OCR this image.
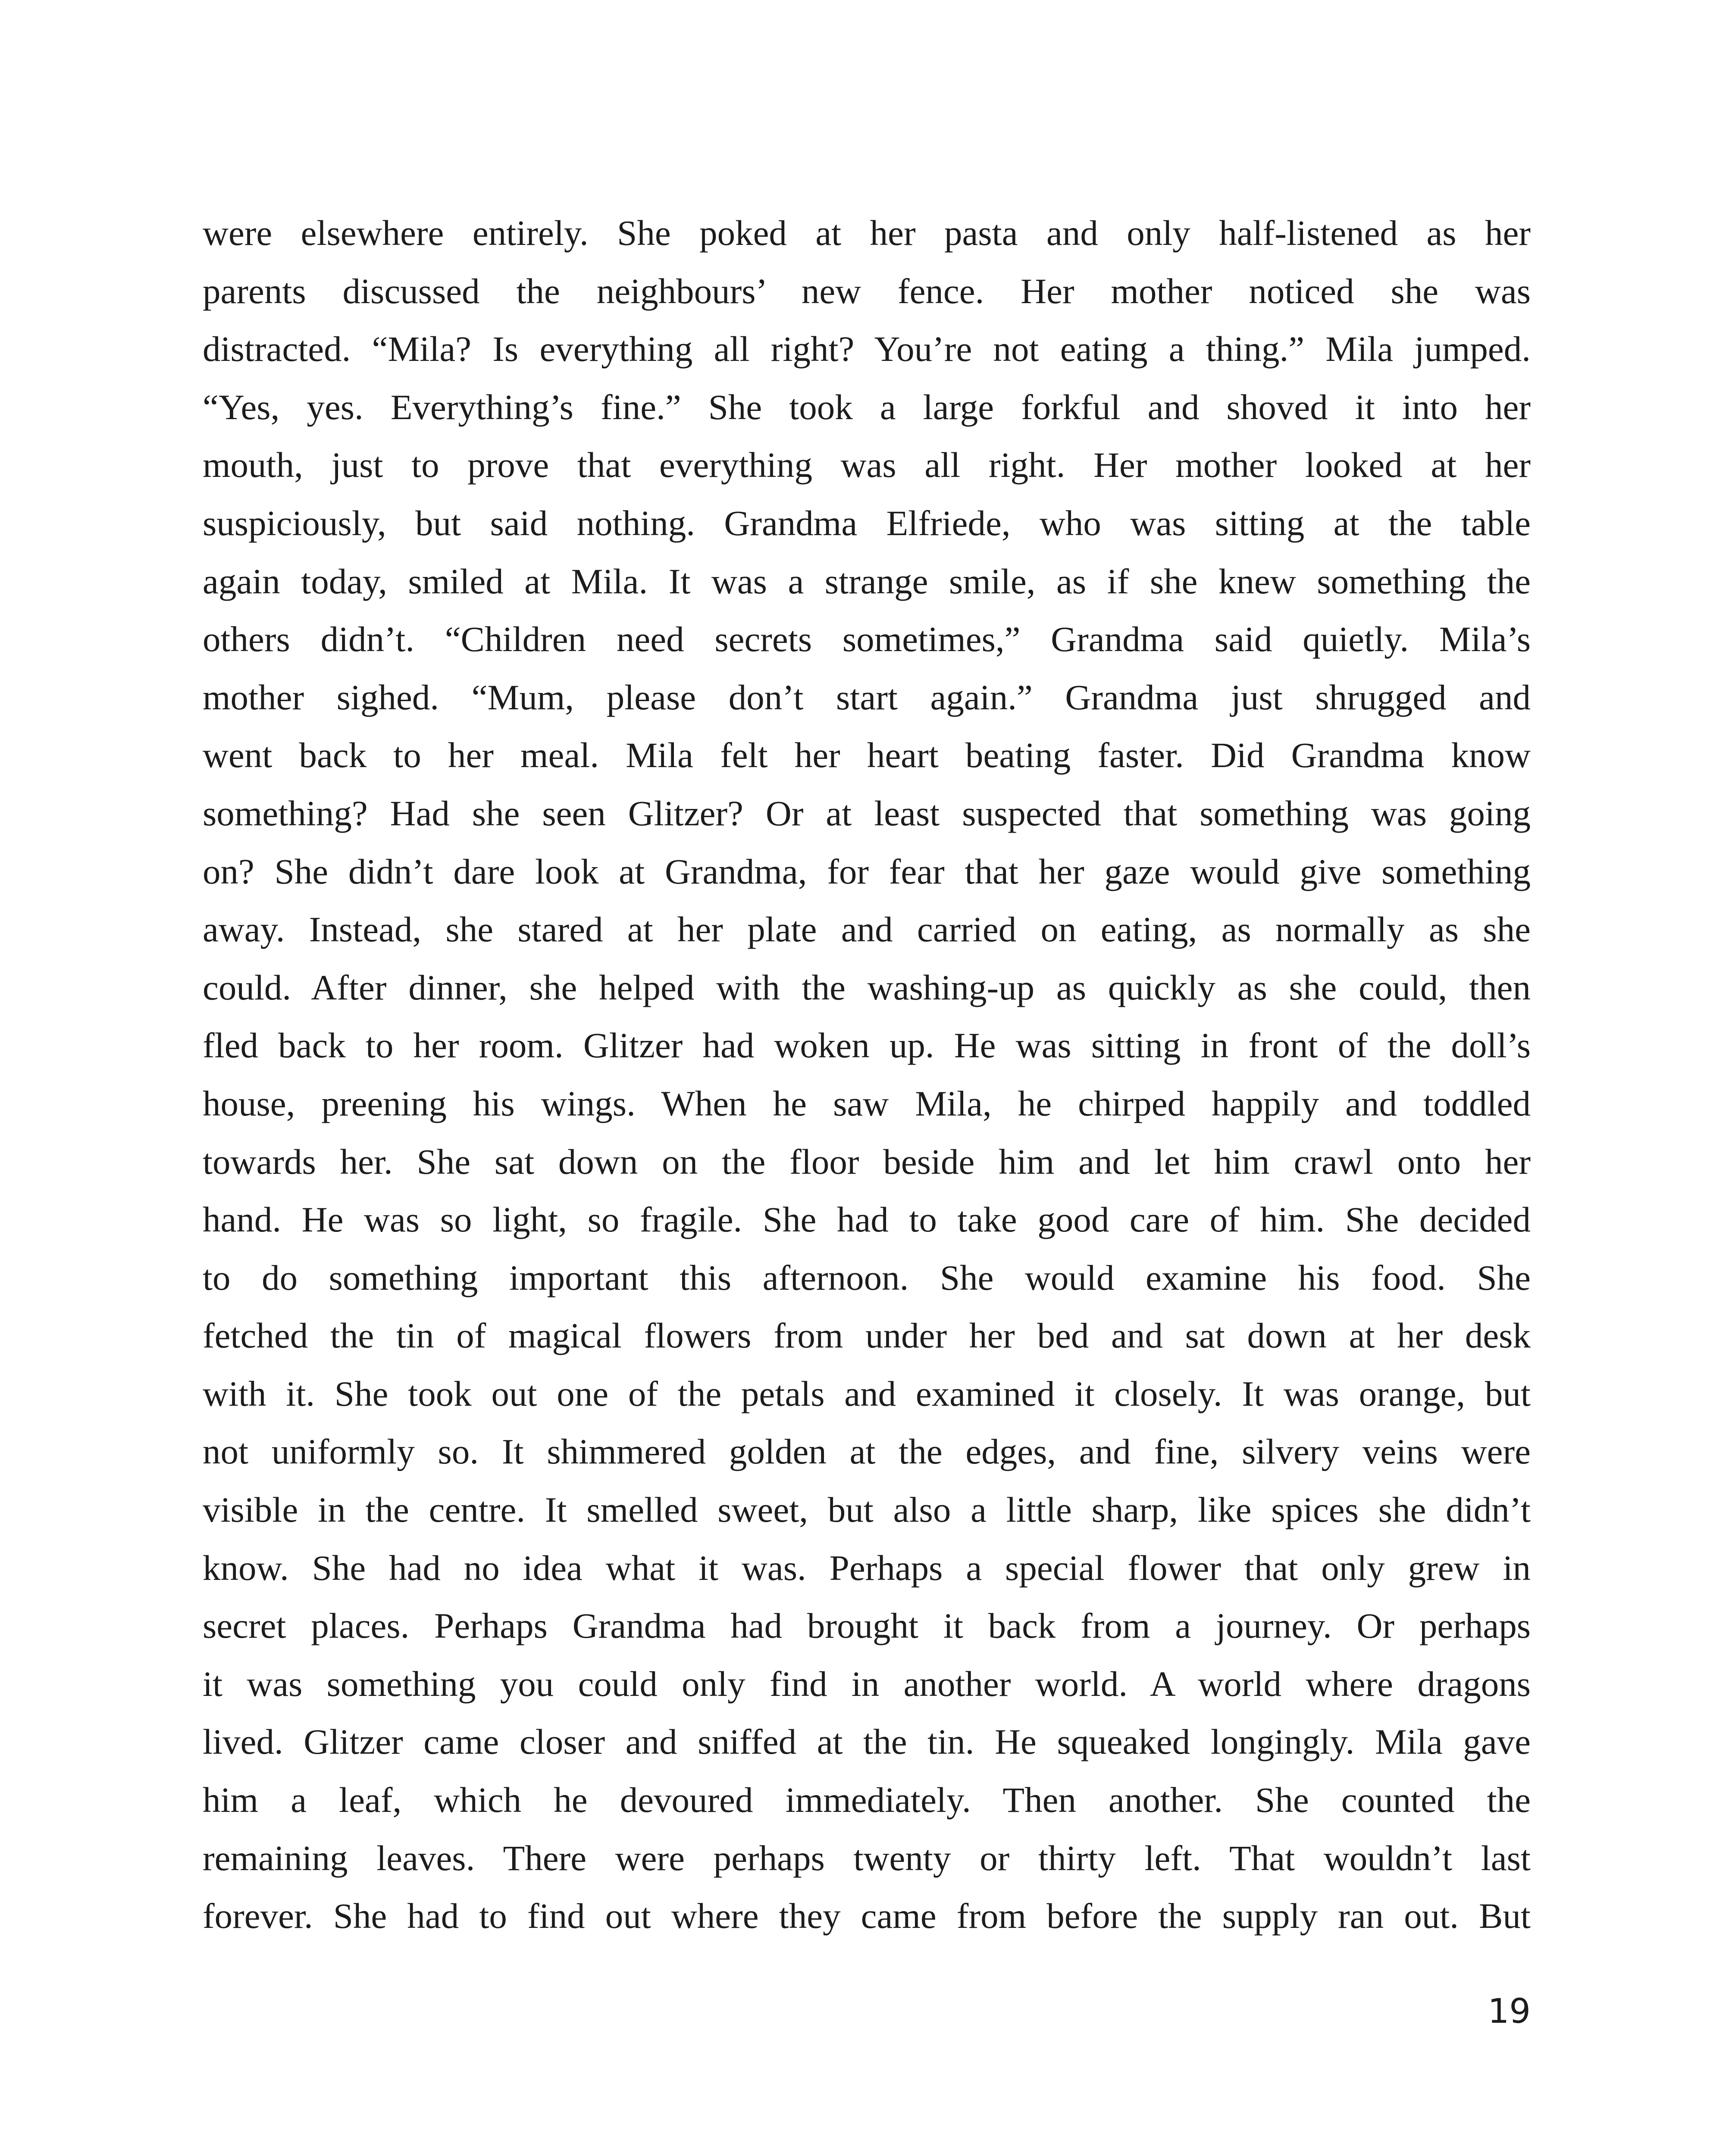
were elsewhere entirely. She poked at her pasta and only half-listened as her
parents discussed the neighbours’ new fence. Her mother noticed she was
distracted. “Mila? Is everything all right? You’re not eating a thing.” Mila jumped.
“Yes, yes. Everything’s fine.” She took a large forkful and shoved it into her
mouth, just to prove that everything was all right. Her mother looked at her
suspiciously, but said nothing. Grandma Elfriede, who was sitting at the table
again today, smiled at Mila. It was a strange smile, as if she knew something the
others didn’t. “Children need secrets sometimes,” Grandma said quietly. Mila’s
mother sighed. “Mum, please don’t start again.” Grandma just shrugged and
went back to her meal. Mila felt her heart beating faster. Did Grandma know
something? Had she seen Glitzer? Or at least suspected that something was going
on? She didn’t dare look at Grandma, for fear that her gaze would give something
away. Instead, she stared at her plate and carried on eating, as normally as she
could. After dinner, she helped with the washing-up as quickly as she could, then
fled back to her room. Glitzer had woken up. He was sitting in front of the doll’s
house, preening his wings. When he saw Mila, he chirped happily and toddled
towards her. She sat down on the floor beside him and let him crawl onto her
hand. He was so light, so fragile. She had to take good care of him. She decided
to do something important this afternoon. She would examine his food. She
fetched the tin of magical flowers from under her bed and sat down at her desk
with it. She took out one of the petals and examined it closely. It was orange, but
not uniformly so. It shimmered golden at the edges, and fine, silvery veins were
visible in the centre. It smelled sweet, but also a little sharp, like spices she didn’t
know. She had no idea what it was. Perhaps a special flower that only grew in
secret places. Perhaps Grandma had brought it back from a journey. Or perhaps
it was something you could only find in another world. A world where dragons
lived. Glitzer came closer and sniffed at the tin. He squeaked longingly. Mila gave
him a leaf, which he devoured immediately. Then another. She counted the
remaining leaves. There were perhaps twenty or thirty left. That wouldn’t last
forever. She had to find out where they came from before the supply ran out. But
19
